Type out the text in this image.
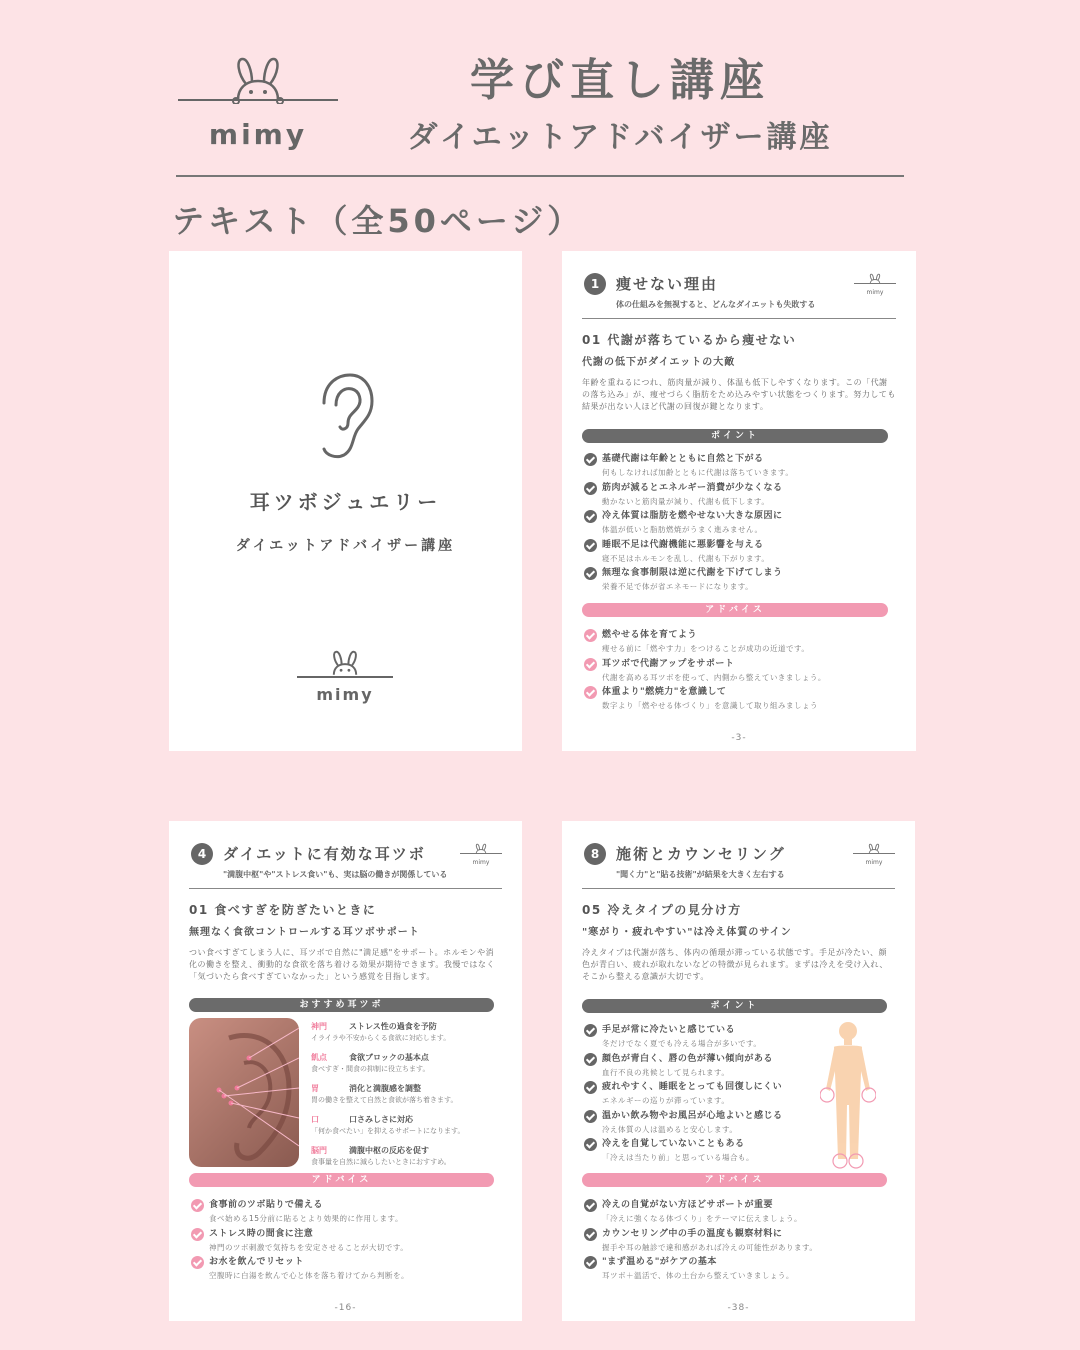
mimy
学び直し講座
ダイエットアドバイザー講座
テキスト（全50ページ）
耳ツボジュエリー
ダイエットアドバイザー講座
mimy
1	痩せない理由
体の仕組みを無視すると、どんなダイエットも失敗する
mimy
01 代謝が落ちているから痩せない
代謝の低下がダイエットの大敵
年齢を重ねるにつれ、筋肉量が減り、体温も低下しやすくなります。この「代謝の落ち込み」が、痩せづらく脂肪をため込みやすい状態をつくります。努力しても結果が出ない人ほど代謝の回復が鍵となります。
ポイント
基礎代謝は年齢とともに自然と下がる
何もしなければ加齢とともに代謝は落ちていきます。
筋肉が減るとエネルギー消費が少なくなる
動かないと筋肉量が減り、代謝も低下します。
冷え体質は脂肪を燃やせない大きな原因に
体温が低いと脂肪燃焼がうまく進みません。
睡眠不足は代謝機能に悪影響を与える
寝不足はホルモンを乱し、代謝も下がります。
無理な食事制限は逆に代謝を下げてしまう
栄養不足で体が省エネモードになります。
アドバイス
燃やせる体を育てよう
痩せる前に「燃やす力」をつけることが成功の近道です。
耳ツボで代謝アップをサポート
代謝を高める耳ツボを使って、内側から整えていきましょう。
体重より"燃焼力"を意識して
数字より「燃やせる体づくり」を意識して取り組みましょう
-3-
4	ダイエットに有効な耳ツボ
"満腹中枢"や"ストレス食い"も、実は脳の働きが関係している
mimy
01 食べすぎを防ぎたいときに
無理なく食欲コントロールする耳ツボサポート
つい食べすぎてしまう人に、耳ツボで自然に"満足感"をサポート。ホルモンや消化の働きを整え、衝動的な食欲を落ち着ける効果が期待できます。我慢ではなく「気づいたら食べすぎていなかった」という感覚を目指します。
おすすめ耳ツボ
神門	ストレス性の過食を予防
イライラや不安からくる食欲に対応します。
飢点	食欲ブロックの基本点
食べすぎ・間食の抑制に役立ちます。
胃	消化と満腹感を調整
胃の働きを整えて自然と食欲が落ち着きます。
口	口さみしさに対応
「何か食べたい」を抑えるサポートになります。
脳門	満腹中枢の反応を促す
食事量を自然に減らしたいときにおすすめ。
アドバイス
食事前のツボ貼りで備える
食べ始める15分前に貼るとより効果的に作用します。
ストレス時の間食に注意
神門のツボ刺激で気持ちを安定させることが大切です。
お水を飲んでリセット
空腹時に白湯を飲んで心と体を落ち着けてから判断を。
-16-
8	施術とカウンセリング
"聞く力"と"貼る技術"が結果を大きく左右する
mimy
05 冷えタイプの見分け方
"寒がり・疲れやすい"は冷え体質のサイン
冷えタイプは代謝が落ち、体内の循環が滞っている状態です。手足が冷たい、顔色が青白い、疲れが取れないなどの特徴が見られます。まずは冷えを受け入れ、そこから整える意識が大切です。
ポイント
手足が常に冷たいと感じている
冬だけでなく夏でも冷える場合が多いです。
顔色が青白く、唇の色が薄い傾向がある
血行不良の兆候として見られます。
疲れやすく、睡眠をとっても回復しにくい
エネルギーの巡りが滞っています。
温かい飲み物やお風呂が心地よいと感じる
冷え体質の人は温めると安心します。
冷えを自覚していないこともある
「冷えは当たり前」と思っている場合も。
アドバイス
冷えの自覚がない方ほどサポートが重要
「冷えに強くなる体づくり」をテーマに伝えましょう。
カウンセリング中の手の温度も観察材料に
握手や耳の触診で違和感があれば冷えの可能性があります。
"まず温める"がケアの基本
耳ツボ＋温活で、体の土台から整えていきましょう。
-38-
